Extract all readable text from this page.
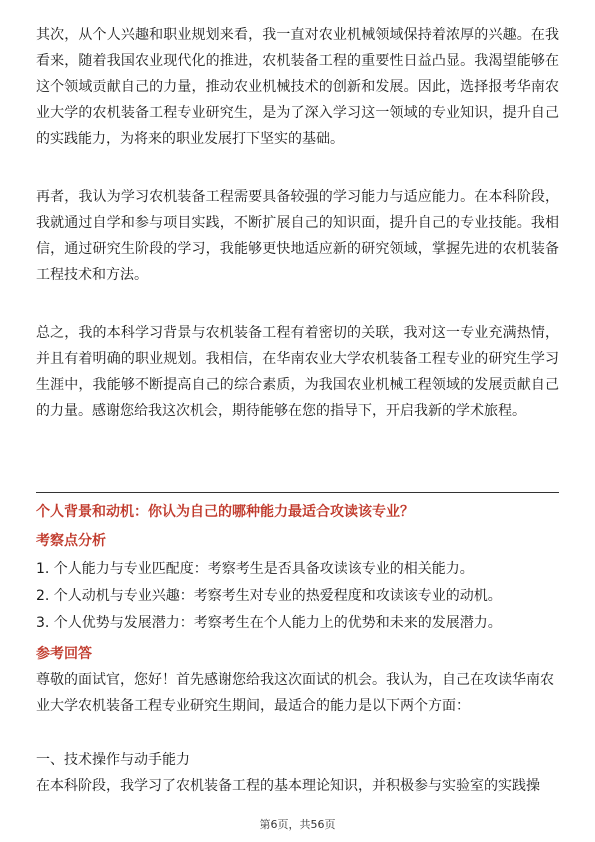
其次，从个人兴趣和职业规划来看，我一直对农业机械领域保持着浓厚的兴趣。在我看来，随着我国农业现代化的推进，农机装备工程的重要性日益凸显。我渴望能够在这个领域贡献自己的力量，推动农业机械技术的创新和发展。因此，选择报考华南农业大学的农机装备工程专业研究生，是为了深入学习这一领域的专业知识，提升自己的实践能力，为将来的职业发展打下坚实的基础。

再者，我认为学习农机装备工程需要具备较强的学习能力与适应能力。在本科阶段，我就通过自学和参与项目实践，不断扩展自己的知识面，提升自己的专业技能。我相信，通过研究生阶段的学习，我能够更快地适应新的研究领域，掌握先进的农机装备工程技术和方法。

总之，我的本科学习背景与农机装备工程有着密切的关联，我对这一专业充满热情，并且有着明确的职业规划。我相信，在华南农业大学农机装备工程专业的研究生学习生涯中，我能够不断提高自己的综合素质，为我国农业机械工程领域的发展贡献自己的力量。感谢您给我这次机会，期待能够在您的指导下，开启我新的学术旅程。

个人背景和动机：你认为自己的哪种能力最适合攻读该专业？

考察点分析

1. 个人能力与专业匹配度：考察考生是否具备攻读该专业的相关能力。

2. 个人动机与专业兴趣：考察考生对专业的热爱程度和攻读该专业的动机。

3. 个人优势与发展潜力：考察考生在个人能力上的优势和未来的发展潜力。

参考回答

尊敬的面试官，您好！首先感谢您给我这次面试的机会。我认为，自己在攻读华南农业大学农机装备工程专业研究生期间，最适合的能力是以下两个方面：

一、技术操作与动手能力

在本科阶段，我学习了农机装备工程的基本理论知识，并积极参与实验室的实践操

第6页，共56页
